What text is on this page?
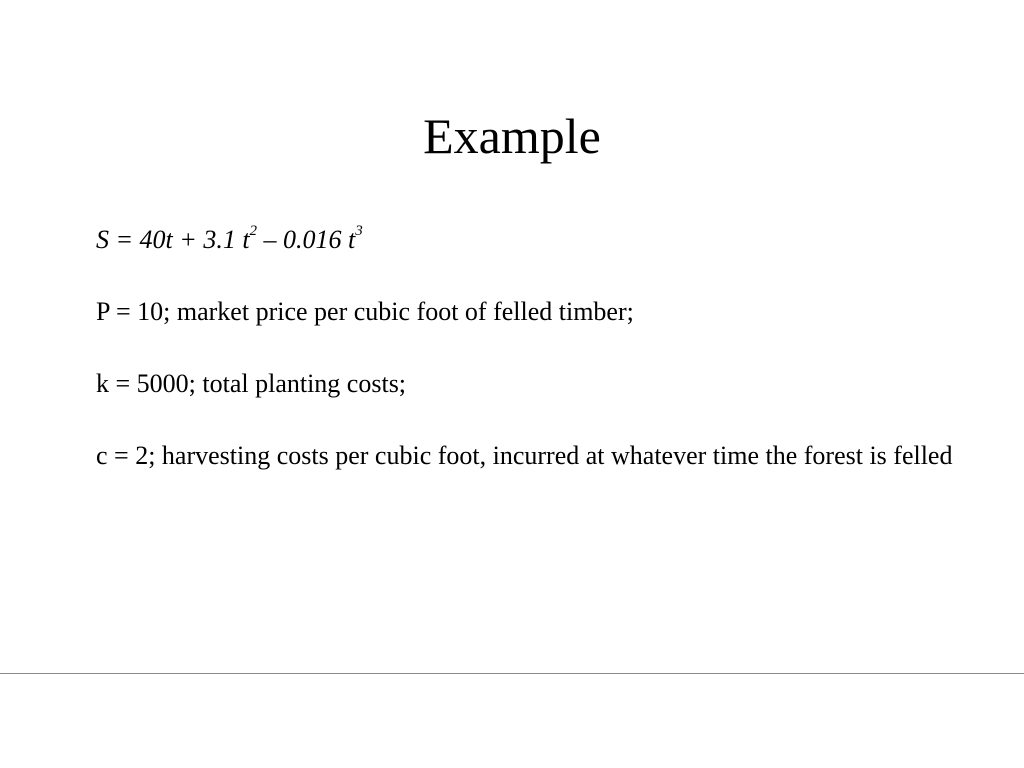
Example

S = 40t + 3.1 $t^2 - 0.016$ $t^3$

P = 10; market price per cubic foot of felled timber;

k = 5000; total planting costs;

c = 2; harvesting costs per cubic foot, incurred at whatever time the forest is felled
